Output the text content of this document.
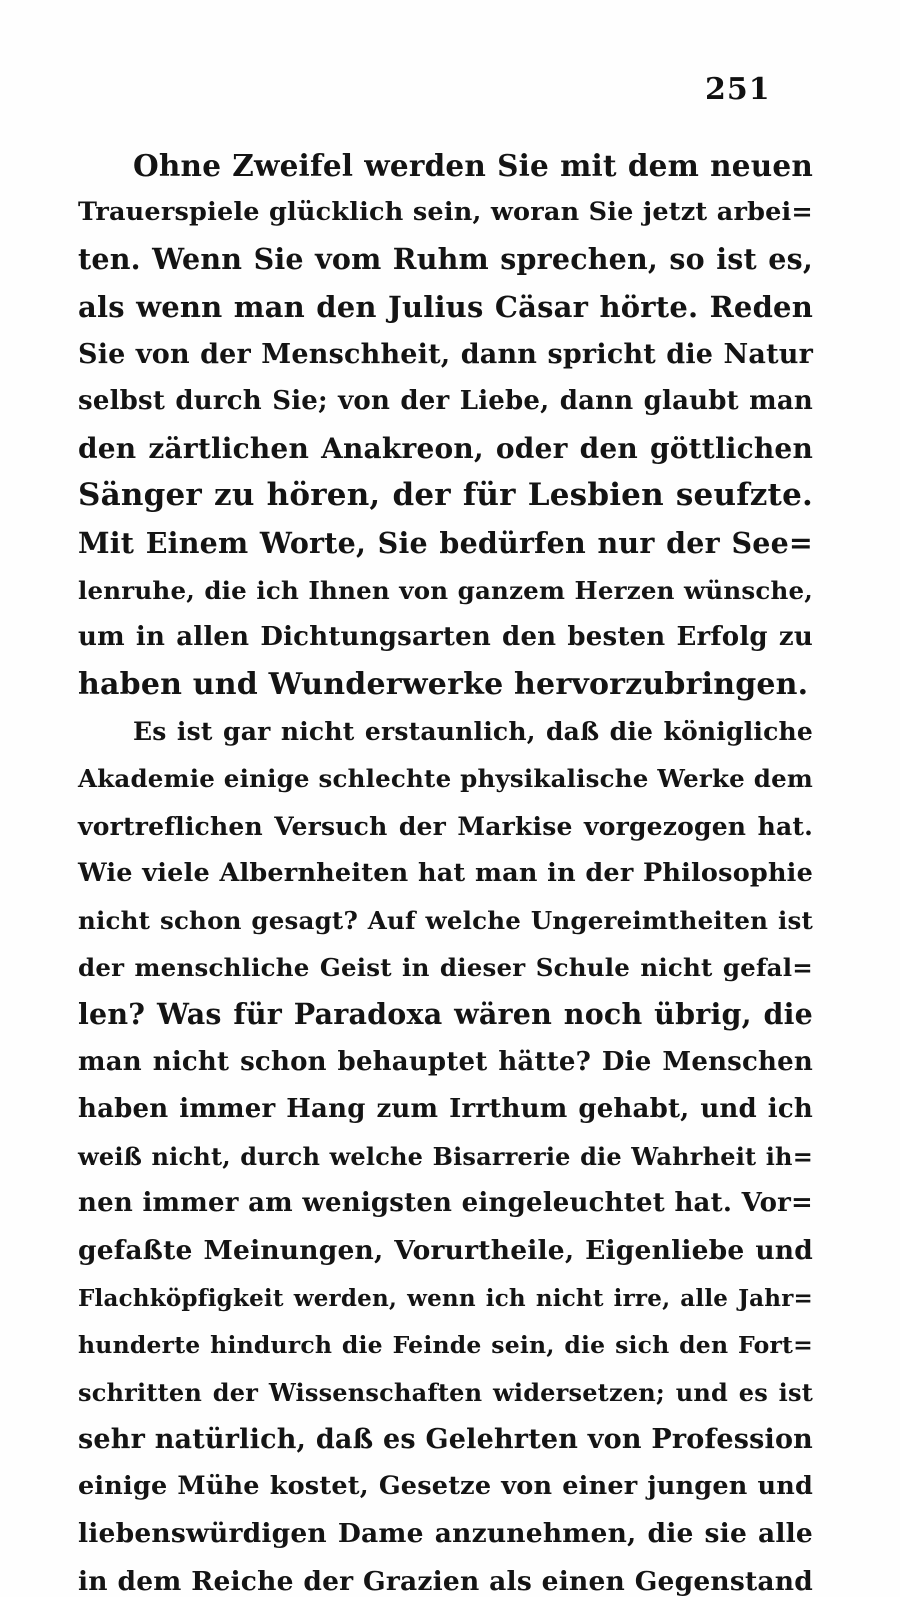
251
Ohne Zweifel werden Sie mit dem neuen
Trauerspiele glücklich sein, woran Sie jetzt arbei=
ten. Wenn Sie vom Ruhm sprechen, so ist es,
als wenn man den Julius Cäsar hörte. Reden
Sie von der Menschheit, dann spricht die Natur
selbst durch Sie; von der Liebe, dann glaubt man
den zärtlichen Anakreon, oder den göttlichen
Sänger zu hören, der für Lesbien seufzte.
Mit Einem Worte, Sie bedürfen nur der See=
lenruhe, die ich Ihnen von ganzem Herzen wünsche,
um in allen Dichtungsarten den besten Erfolg zu
haben und Wunderwerke hervorzubringen.
Es ist gar nicht erstaunlich, daß die königliche
Akademie einige schlechte physikalische Werke dem
vortreflichen Versuch der Markise vorgezogen hat.
Wie viele Albernheiten hat man in der Philosophie
nicht schon gesagt? Auf welche Ungereimtheiten ist
der menschliche Geist in dieser Schule nicht gefal=
len? Was für Paradoxa wären noch übrig, die
man nicht schon behauptet hätte? Die Menschen
haben immer Hang zum Irrthum gehabt, und ich
weiß nicht, durch welche Bisarrerie die Wahrheit ih=
nen immer am wenigsten eingeleuchtet hat. Vor=
gefaßte Meinungen, Vorurtheile, Eigenliebe und
Flachköpfigkeit werden, wenn ich nicht irre, alle Jahr=
hunderte hindurch die Feinde sein, die sich den Fort=
schritten der Wissenschaften widersetzen; und es ist
sehr natürlich, daß es Gelehrten von Profession
einige Mühe kostet, Gesetze von einer jungen und
liebenswürdigen Dame anzunehmen, die sie alle
in dem Reiche der Grazien als einen Gegenstand
